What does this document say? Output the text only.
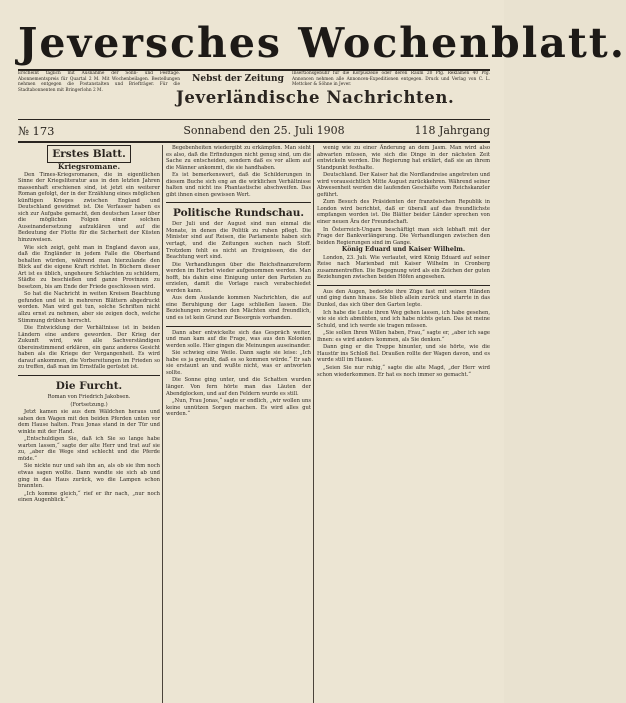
Jeversches Wochenblatt.
Erscheint täglich mit Ausnahme der Sonn- und Festtage. Abonnementspreis für Quartal 2 M. Mit Wochenbeilagen. Bestellungen nehmen entgegen die Postanstalten und Briefträger. Für die Stadtabonnenten mit Bringerlohn 2 M.
Nebst der Zeitung
Insertionsgebühr für die Korpuszeile oder deren Raum 20 Pfg. Reklamen 40 Pfg. Annoncen nehmen alle Annoncen-Expeditionen entgegen. Druck und Verlag von C. L. Mettcker & Söhne in Jever.
Jeverländische Nachrichten.
№ 173	Sonnabend den 25. Juli 1908	118 Jahrgang

Erstes Blatt.

Kriegsromane.

Den Times-Kriegsromanen, die in eigentlichen Sinne der Kriegsliteratur aus in den letzten Jahren massenhaft erschienen sind, ist jetzt ein weiterer Roman gefolgt, der in der Erzählung eines möglichen künftigen Krieges zwischen England und Deutschland gewidmet ist. Die Verfasser haben es sich zur Aufgabe gemacht, den deutschen Leser über die möglichen Folgen einer solchen Auseinandersetzung aufzuklären und auf die Bedeutung der Flotte für die Sicherheit der Küsten hinzuweisen.

Wie sich zeigt, geht man in England davon aus, daß die Engländer in jedem Falle die Oberhand behalten würden, während man hierzulande den Blick auf die eigene Kraft richtet. In Büchern dieser Art ist es üblich, ungeheure Schlachten zu schildern, Städte zu beschießen und ganze Provinzen zu besetzen, bis am Ende der Friede geschlossen wird.

So hat die Nachricht in weiten Kreisen Beachtung gefunden und ist in mehreren Blättern abgedruckt worden. Man wird gut tun, solche Schriften nicht allzu ernst zu nehmen, aber sie zeigen doch, welche Stimmung drüben herrscht.

Die Entwicklung der Verhältnisse ist in beiden Ländern eine andere geworden. Der Krieg der Zukunft wird, wie alle Sachverständigen übereinstimmend erklären, ein ganz anderes Gesicht haben als die Kriege der Vergangenheit. Es wird darauf ankommen, die Vorbereitungen im Frieden so zu treffen, daß man im Ernstfalle gerüstet ist.

Die Furcht.

Roman von Friedrich Jakobsen.

(Fortsetzung.)

Jetzt kamen sie aus dem Wäldchen heraus und sahen den Wagen mit den beiden Pferden unten vor dem Hause halten. Frau Jonas stand in der Tür und winkte mit der Hand.

„Entschuldigen Sie, daß ich Sie so lange habe warten lassen,“ sagte der alte Herr und trat auf sie zu, „aber die Wege sind schlecht und die Pferde müde.“

Sie nickte nur und sah ihn an, als ob sie ihm noch etwas sagen wollte. Dann wandte sie sich ab und ging in das Haus zurück, wo die Lampen schon brannten.

„Ich komme gleich,“ rief er ihr nach, „nur noch einen Augenblick.“

Begebenheiten wiedergibt zu erkämpfen. Man sieht es also, daß die Erfindungen nicht genug sind, um die Sache zu entscheiden, sondern daß es vor allem auf die Männer ankommt, die sie handhaben.

Es ist bemerkenswert, daß die Schilderungen in diesem Buche sich eng an die wirklichen Verhältnisse halten und nicht ins Phantastische abschweifen. Das gibt ihnen einen gewissen Wert.

Politische Rundschau.

Der Juli und der August sind nun einmal die Monate, in denen die Politik zu ruhen pflegt. Die Minister sind auf Reisen, die Parlamente haben sich vertagt, und die Zeitungen suchen nach Stoff. Trotzdem fehlt es nicht an Ereignissen, die der Beachtung wert sind.

Die Verhandlungen über die Reichsfinanzreform werden im Herbst wieder aufgenommen werden. Man hofft, bis dahin eine Einigung unter den Parteien zu erzielen, damit die Vorlage rasch verabschiedet werden kann.

Aus dem Auslande kommen Nachrichten, die auf eine Beruhigung der Lage schließen lassen. Die Beziehungen zwischen den Mächten sind freundlich, und es ist kein Grund zur Besorgnis vorhanden.

Dann aber entwickelte sich das Gespräch weiter, und man kam auf die Frage, was aus den Kolonien werden solle. Hier gingen die Meinungen auseinander.

Sie schwieg eine Weile. Dann sagte sie leise: „Ich habe es ja gewußt, daß es so kommen würde.“ Er sah sie erstaunt an und wußte nicht, was er antworten sollte.

Die Sonne ging unter, und die Schatten wurden länger. Von fern hörte man das Läuten der Abendglocken, und auf den Feldern wurde es still.

„Nun, Frau Jonas,“ sagte er endlich, „wir wollen uns keine unnützen Sorgen machen. Es wird alles gut werden.“

wenig wie zu einer Änderung an dem Jasm. Man wird also abwarten müssen, wie sich die Dinge in der nächsten Zeit entwickeln werden. Die Regierung hat erklärt, daß sie an ihrem Standpunkt festhalte.

Deutschland. Der Kaiser hat die Nordlandreise angetreten und wird voraussichtlich Mitte August zurückkehren. Während seiner Abwesenheit werden die laufenden Geschäfte vom Reichskanzler geführt.

Zum Besuch des Präsidenten der französischen Republik in London wird berichtet, daß er überall auf das freundlichste empfangen worden ist. Die Blätter beider Länder sprechen von einer neuen Ära der Freundschaft.

In Österreich-Ungarn beschäftigt man sich lebhaft mit der Frage der Bankverlängerung. Die Verhandlungen zwischen den beiden Regierungen sind im Gange.

König Eduard und Kaiser Wilhelm.

London, 23. Juli. Wie verlautet, wird König Eduard auf seiner Reise nach Marienbad mit Kaiser Wilhelm in Cronberg zusammentreffen. Die Begegnung wird als ein Zeichen der guten Beziehungen zwischen beiden Höfen angesehen.

Aus den Augen, bedeckte ihre Züge fast mit seinen Händen und ging dann hinaus. Sie blieb allein zurück und starrte in das Dunkel, das sich über den Garten legte.

Ich habe die Leute ihren Weg gehen lassen, ich habe gesehen, wie sie sich abmühten, und ich habe nichts getan. Das ist meine Schuld, und ich werde sie tragen müssen.

„Sie sollen Ihren Willen haben, Frau,“ sagte er, „aber ich sage Ihnen: es wird anders kommen, als Sie denken.“

Dann ging er die Treppe hinunter, und sie hörte, wie die Haustür ins Schloß fiel. Draußen rollte der Wagen davon, und es wurde still im Hause.

„Seien Sie nur ruhig,“ sagte die alte Magd, „der Herr wird schon wiederkommen. Er hat es noch immer so gemacht.“
